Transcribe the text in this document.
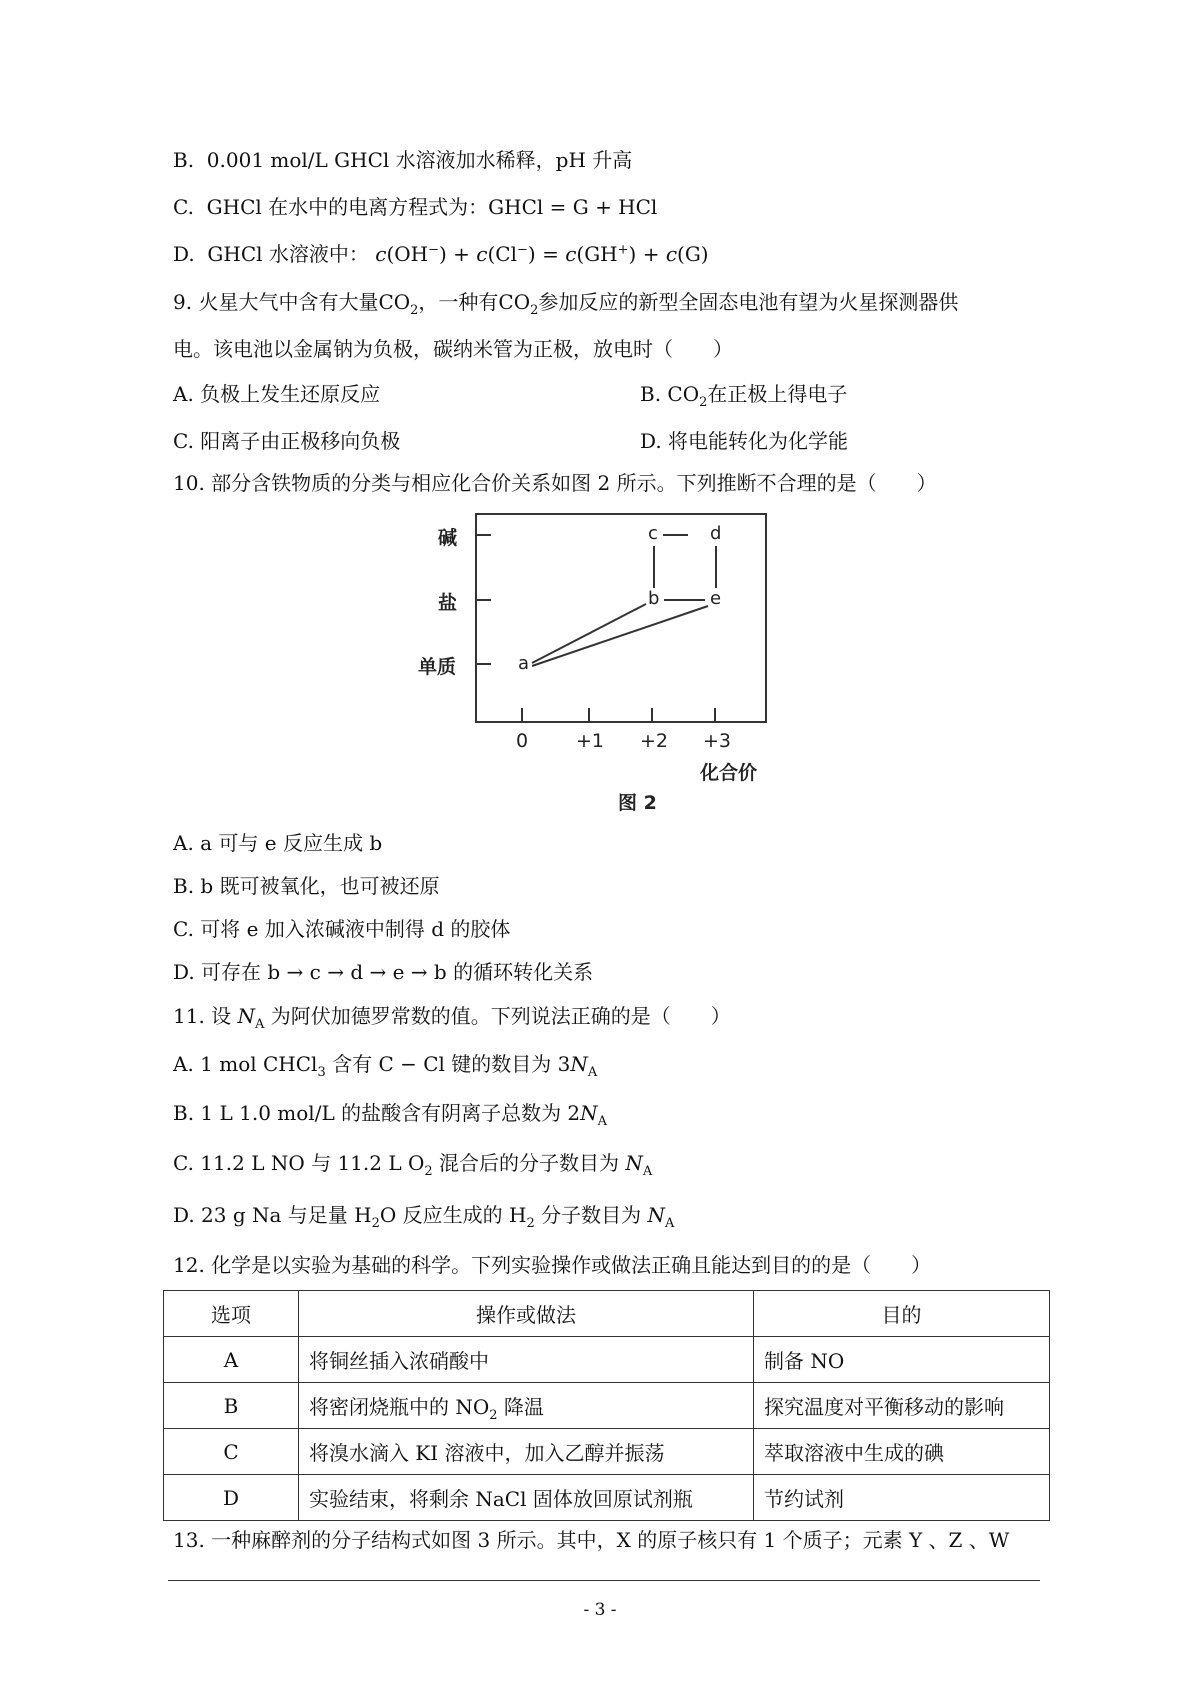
B. 0.001 mol/L GHCl 水溶液加水稀释，pH 升高
C. GHCl 在水中的电离方程式为：GHCl = G + HCl
D. GHCl 水溶液中： c(OH−) + c(Cl−) = c(GH+) + c(G)
9. 火星大气中含有大量$CO_2$，一种有$CO_2$参加反应的新型全固态电池有望为火星探测器供
电。该电池以金属钠为负极，碳纳米管为正极，放电时（　　）
A. 负极上发生还原反应	B. $CO_2$在正极上得电子
C. 阳离子由正极移向负极	D. 将电能转化为化学能
10. 部分含铁物质的分类与相应化合价关系如图 2 所示。下列推断不合理的是（　　）
碱
盐
单质
c	d
b	e
a
0	+1 +2 +3
化合价
图 2
A. a 可与 e 反应生成 b
B. b 既可被氧化，也可被还原
C. 可将 e 加入浓碱液中制得 d 的胶体
D. 可存在 b → c → d → e → b 的循环转化关系
11. 设 $N_A$ 为阿伏加德罗常数的值。下列说法正确的是（　　）
A. 1 mol CHCl$_3$ 含有 C − Cl 键的数目为 $3N_A$
B. 1 L 1.0 mol/L 的盐酸含有阴离子总数为 $2N_A$
C. 11.2 L NO 与 11.2 L $O_2$ 混合后的分子数目为 $N_A$
D. 23 g Na 与足量 $H_2O$ 反应生成的 $H_2$ 分子数目为 $N_A$
12. 化学是以实验为基础的科学。下列实验操作或做法正确且能达到目的的是（　　）
选项	操作或做法	目的
A	将铜丝插入浓硝酸中	制备 NO
B	将密闭烧瓶中的 $NO_2$ 降温	探究温度对平衡移动的影响
C	将溴水滴入 KI 溶液中，加入乙醇并振荡	萃取溶液中生成的碘
D	实验结束，将剩余 NaCl 固体放回原试剂瓶	节约试剂
13. 一种麻醉剂的分子结构式如图 3 所示。其中，X 的原子核只有 1 个质子；元素 Y 、Z 、W
- 3 -
